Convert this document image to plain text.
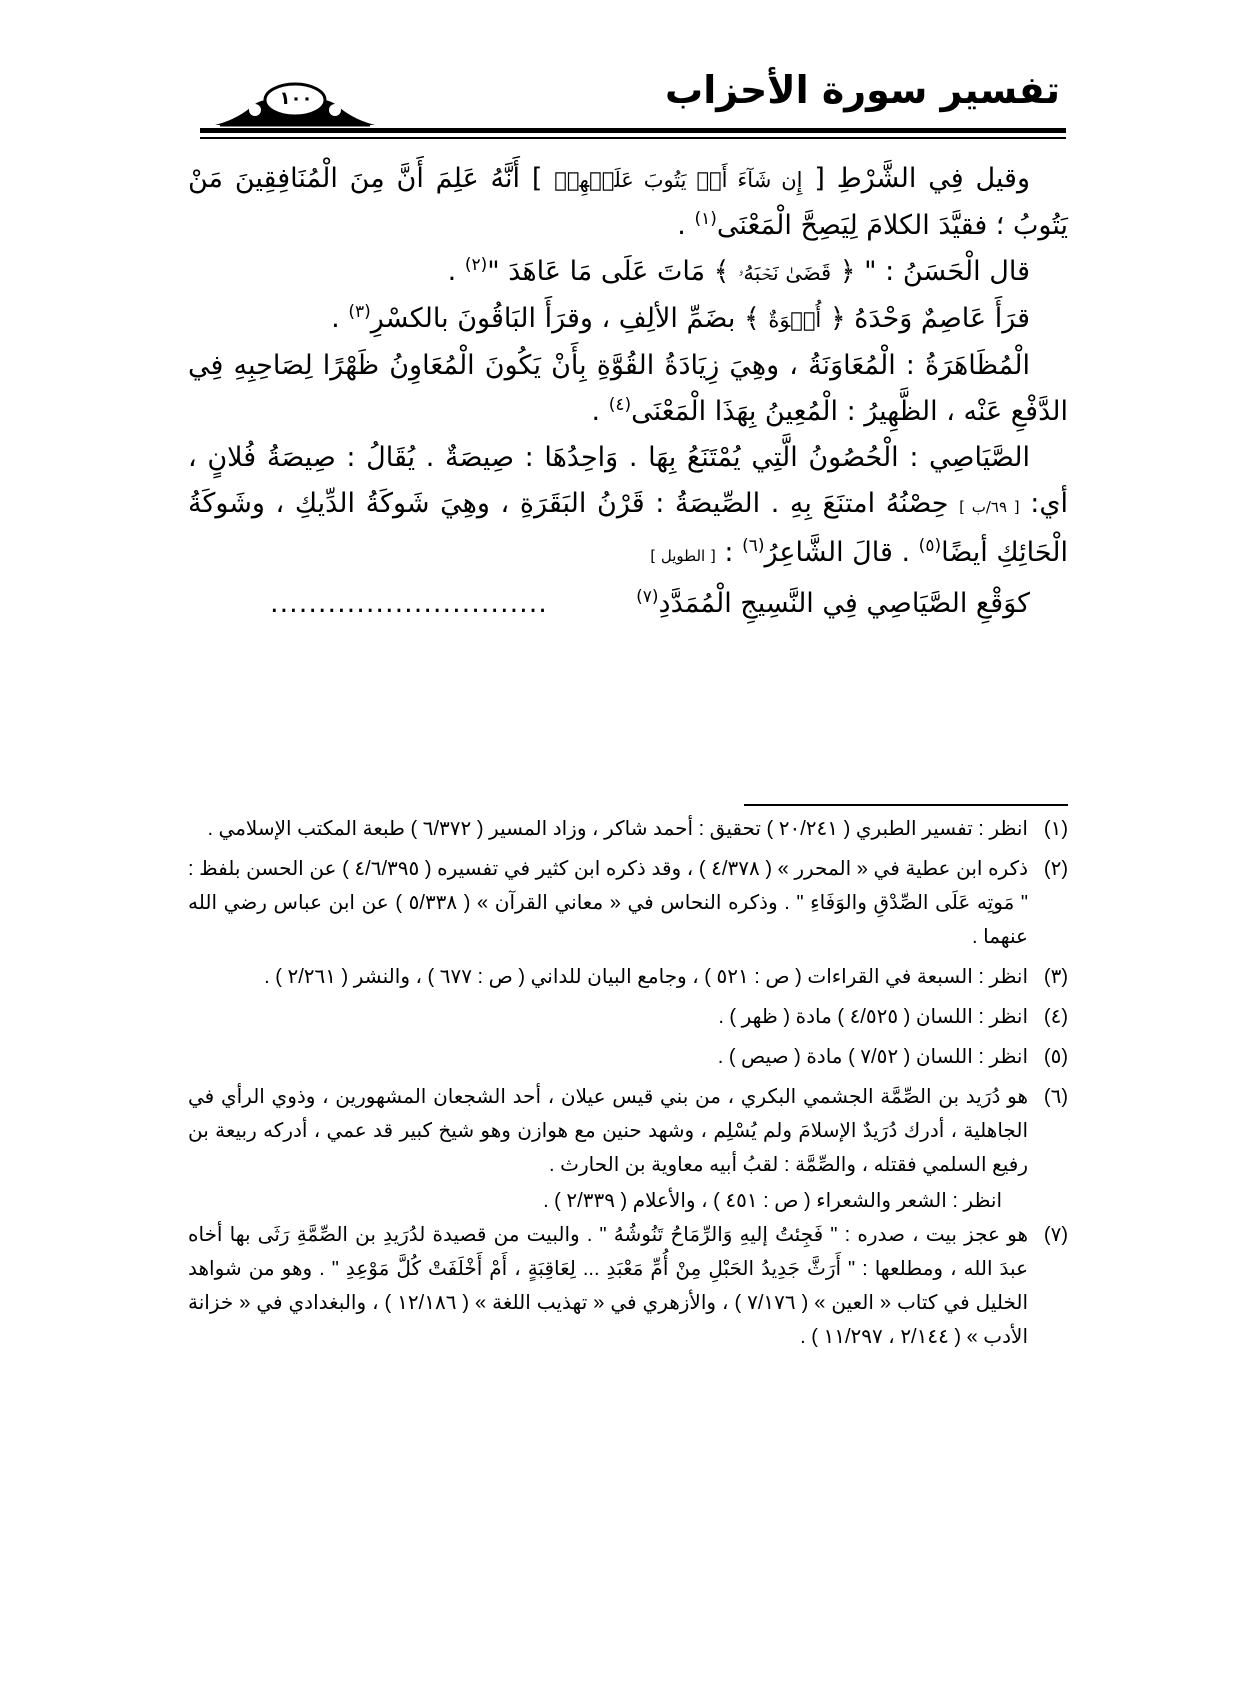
تفسير سورة الأحزاب
١٠٠

وقيل فِي الشَّرْطِ [ إِن شَآءَ أَوۡ يَتُوبَ عَلَيۡهِمۡ ] أَنَّهُ عَلِمَ أَنَّ مِنَ الْمُنَافِقِينَ مَنْ يَتُوبُ ؛ فقيَّدَ الكلامَ لِيَصِحَّ الْمَعْنَى$^{(١)}$ .

قال الْحَسَنُ : " ﴿ قَضَىٰ نَحۡبَهُۥ ﴾ مَاتَ عَلَى مَا عَاهَدَ "$^{(٢)}$ .

قرَأَ عَاصِمٌ وَحْدَهُ ﴿ أُسۡوَةٌ ﴾ بضَمِّ الألِفِ ، وقرَأَ البَاقُونَ بالكسْرِ$^{(٣)}$ .

الْمُظَاهَرَةُ : الْمُعَاوَنَةُ ، وهِيَ زِيَادَةُ القُوَّةِ بِأَنْ يَكُونَ الْمُعَاوِنُ ظَهْرًا لِصَاحِبِهِ فِي الدَّفْعِ عَنْه ، الظَّهِيرُ : الْمُعِينُ بِهَذَا الْمَعْنَى$^{(٤)}$ .

الصَّيَاصِي : الْحُصُونُ الَّتِي يُمْتَنَعُ بِهَا . وَاحِدُهَا : صِيصَةٌ . يُقَالُ : صِيصَةُ فُلانٍ ، أي: [ ٦٩/ب ] حِصْنُهُ امتنَعَ بِهِ . الصِّيصَةُ : قَرْنُ البَقَرَةِ ، وهِيَ شَوكَةُ الدِّيكِ ، وشَوكَةُ الْحَائِكِ أيضًا$^{(٥)}$ . قالَ الشَّاعِرُ$^{(٦)}$ : [ الطويل ]

كوَقْعِ الصَّيَاصِي فِي النَّسِيجِ الْمُمَدَّدِ$^{(٧)}$.............................
(١)
انظر : تفسير الطبري ( ٢٠/٢٤١ ) تحقيق : أحمد شاكر ، وزاد المسير ( ٦/٣٧٢ ) طبعة المكتب الإسلامي .
(٢)
ذكره ابن عطية في « المحرر » ( ٤/٣٧٨ ) ، وقد ذكره ابن كثير في تفسيره ( ٤/٦/٣٩٥ ) عن الحسن بلفظ : " مَوتِه عَلَى الصِّدْقِ والوَفَاءِ " . وذكره النحاس في « معاني القرآن » ( ٥/٣٣٨ ) عن ابن عباس رضي الله عنهما .
(٣)
انظر : السبعة في القراءات ( ص : ٥٢١ ) ، وجامع البيان للداني ( ص : ٦٧٧ ) ، والنشر ( ٢/٢٦١ ) .
(٤)
انظر : اللسان ( ٤/٥٢٥ ) مادة ( ظهر ) .
(٥)
انظر : اللسان ( ٧/٥٢ ) مادة ( صيص ) .
(٦)
هو دُرَيد بن الصِّمَّة الجشمي البكري ، من بني قيس عيلان ، أحد الشجعان المشهورين ، وذوي الرأي في الجاهلية ، أدرك دُرَيدٌ الإسلامَ ولم يُسْلِم ، وشهد حنين مع هوازن وهو شيخ كبير قد عمي ، أدركه ربيعة بن رفيع السلمي فقتله ، والصِّمَّة : لقبُ أبيه معاوية بن الحارث .
انظر : الشعر والشعراء ( ص : ٤٥١ ) ، والأعلام ( ٢/٣٣٩ ) .
(٧)
هو عجز بيت ، صدره : " فَجِئتُ إليهِ وَالرِّمَاحُ تَنُوشُهُ " . والبيت من قصيدة لدُرَيدِ بن الصِّمَّةِ رَثَى بها أخاه عبدَ الله ، ومطلعها : " أَرَثَّ جَدِيدُ الحَبْلِ مِنْ أُمِّ مَعْبَدِ ... لِعَاقِبَةٍ ، أَمْ أَخْلَفَتْ كُلَّ مَوْعِدِ " . وهو من شواهد الخليل في كتاب « العين » ( ٧/١٧٦ ) ، والأزهري في « تهذيب اللغة » ( ١٢/١٨٦ ) ، والبغدادي في « خزانة الأدب » ( ٢/١٤٤ ، ١١/٢٩٧ ) .
